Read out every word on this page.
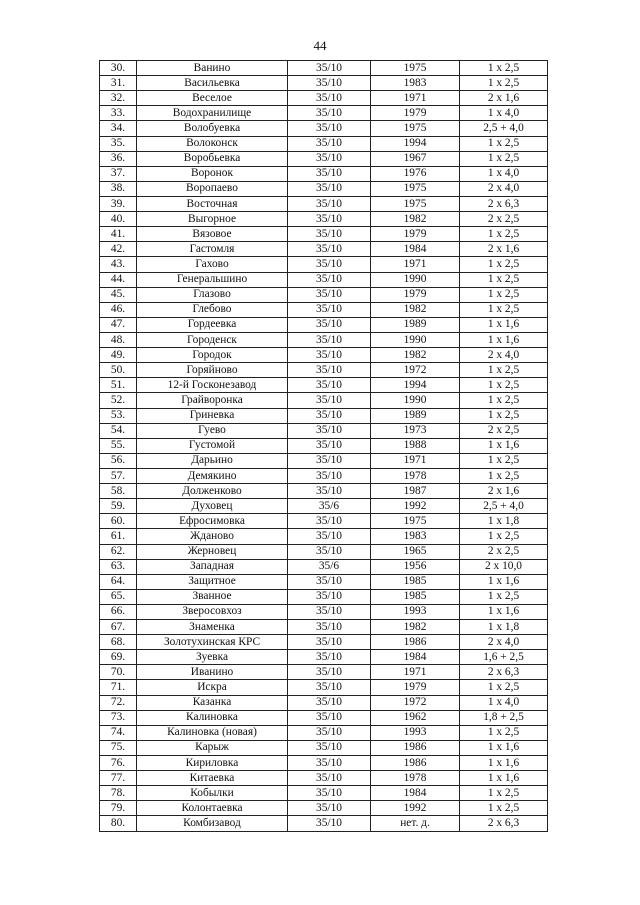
44
30.	Ванино	35/10	1975	1 х 2,5
31.	Васильевка	35/10	1983	1 х 2,5
32.	Веселое	35/10	1971	2 х 1,6
33.	Водохранилище	35/10	1979	1 х 4,0
34.	Волобуевка	35/10	1975	2,5 + 4,0
35.	Волоконск	35/10	1994	1 х 2,5
36.	Воробьевка	35/10	1967	1 х 2,5
37.	Воронок	35/10	1976	1 х 4,0
38.	Воропаево	35/10	1975	2 х 4,0
39.	Восточная	35/10	1975	2 х 6,3
40.	Выгорное	35/10	1982	2 х 2,5
41.	Вязовое	35/10	1979	1 х 2,5
42.	Гастомля	35/10	1984	2 х 1,6
43.	Гахово	35/10	1971	1 х 2,5
44.	Генеральшино	35/10	1990	1 х 2,5
45.	Глазово	35/10	1979	1 х 2,5
46.	Глебово	35/10	1982	1 х 2,5
47.	Гордеевка	35/10	1989	1 х 1,6
48.	Городенск	35/10	1990	1 х 1,6
49.	Городок	35/10	1982	2 х 4,0
50.	Горяйново	35/10	1972	1 х 2,5
51.	12-й Госконезавод	35/10	1994	1 х 2,5
52.	Грайворонка	35/10	1990	1 х 2,5
53.	Гриневка	35/10	1989	1 х 2,5
54.	Гуево	35/10	1973	2 х 2,5
55.	Густомой	35/10	1988	1 х 1,6
56.	Дарьино	35/10	1971	1 х 2,5
57.	Демякино	35/10	1978	1 х 2,5
58.	Долженково	35/10	1987	2 х 1,6
59.	Духовец	35/6	1992	2,5 + 4,0
60.	Ефросимовка	35/10	1975	1 х 1,8
61.	Жданово	35/10	1983	1 х 2,5
62.	Жерновец	35/10	1965	2 х 2,5
63.	Западная	35/6	1956	2 х 10,0
64.	Защитное	35/10	1985	1 х 1,6
65.	Званное	35/10	1985	1 х 2,5
66.	Зверосовхоз	35/10	1993	1 х 1,6
67.	Знаменка	35/10	1982	1 х 1,8
68.	Золотухинская КРС	35/10	1986	2 х 4,0
69.	Зуевка	35/10	1984	1,6 + 2,5
70.	Иванино	35/10	1971	2 х 6,3
71.	Искра	35/10	1979	1 х 2,5
72.	Казанка	35/10	1972	1 х 4,0
73.	Калиновка	35/10	1962	1,8 + 2,5
74.	Калиновка (новая)	35/10	1993	1 х 2,5
75.	Карыж	35/10	1986	1 х 1,6
76.	Кириловка	35/10	1986	1 х 1,6
77.	Китаевка	35/10	1978	1 х 1,6
78.	Кобылки	35/10	1984	1 х 2,5
79.	Колонтаевка	35/10	1992	1 х 2,5
80.	Комбизавод	35/10	нет. д.	2 х 6,3
